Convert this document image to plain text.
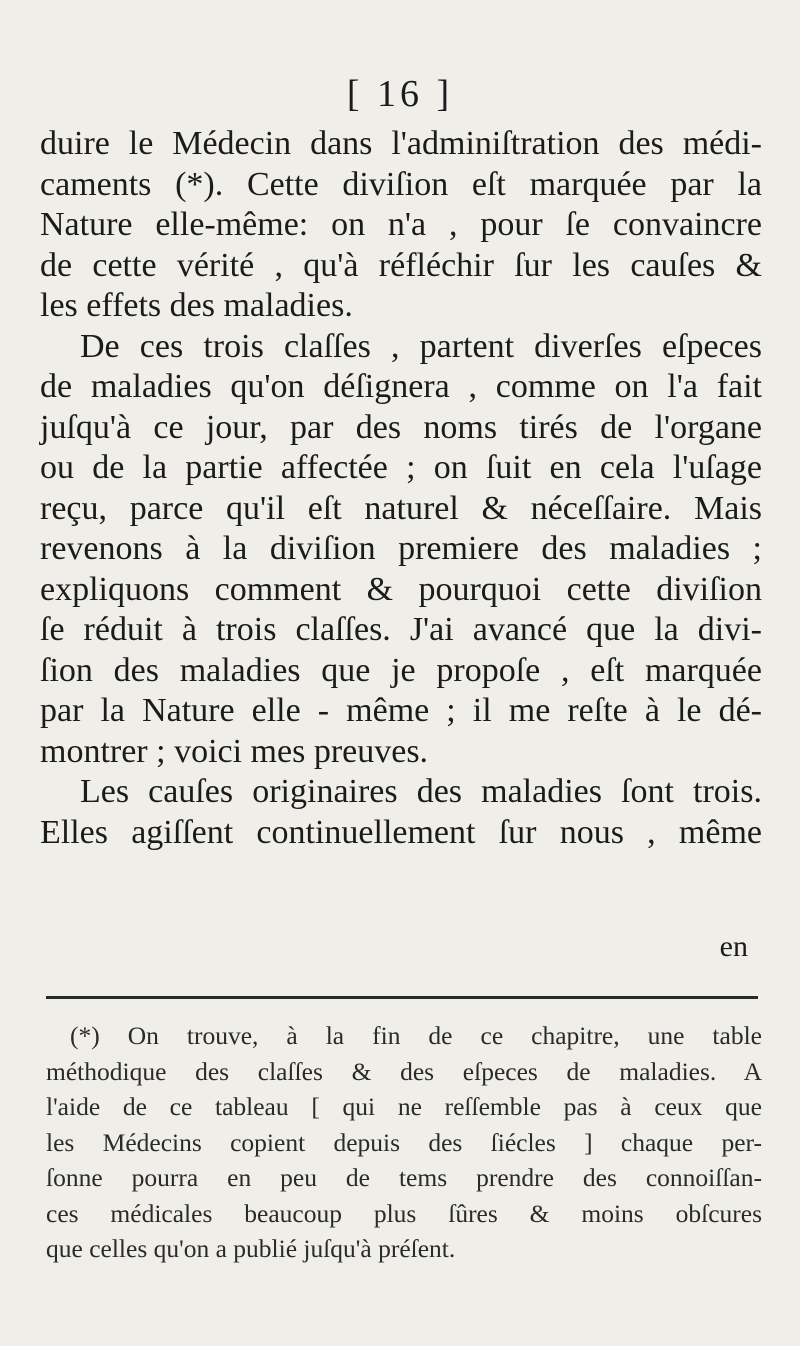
[ 16 ]
duire le Médecin dans l'adminiſtration des médi-
caments (*). Cette diviſion eſt marquée par la
Nature elle-même: on n'a , pour ſe convaincre
de cette vérité , qu'à réfléchir ſur les cauſes &
les effets des maladies.
De ces trois claſſes , partent diverſes eſpeces
de maladies qu'on déſignera , comme on l'a fait
juſqu'à ce jour, par des noms tirés de l'organe
ou de la partie affectée ; on ſuit en cela l'uſage
reçu, parce qu'il eſt naturel & néceſſaire. Mais
revenons à la diviſion premiere des maladies ;
expliquons comment & pourquoi cette diviſion
ſe réduit à trois claſſes. J'ai avancé que la divi-
ſion des maladies que je propoſe , eſt marquée
par la Nature elle - même ; il me reſte à le dé-
montrer ; voici mes preuves.
Les cauſes originaires des maladies ſont trois.
Elles agiſſent continuellement ſur nous , même
en
(*) On trouve, à la fin de ce chapitre, une table
méthodique des claſſes & des eſpeces de maladies. A
l'aide de ce tableau [ qui ne reſſemble pas à ceux que
les Médecins copient depuis des ſiécles ] chaque per-
ſonne pourra en peu de tems prendre des connoiſſan-
ces médicales beaucoup plus ſûres & moins obſcures
que celles qu'on a publié juſqu'à préſent.
